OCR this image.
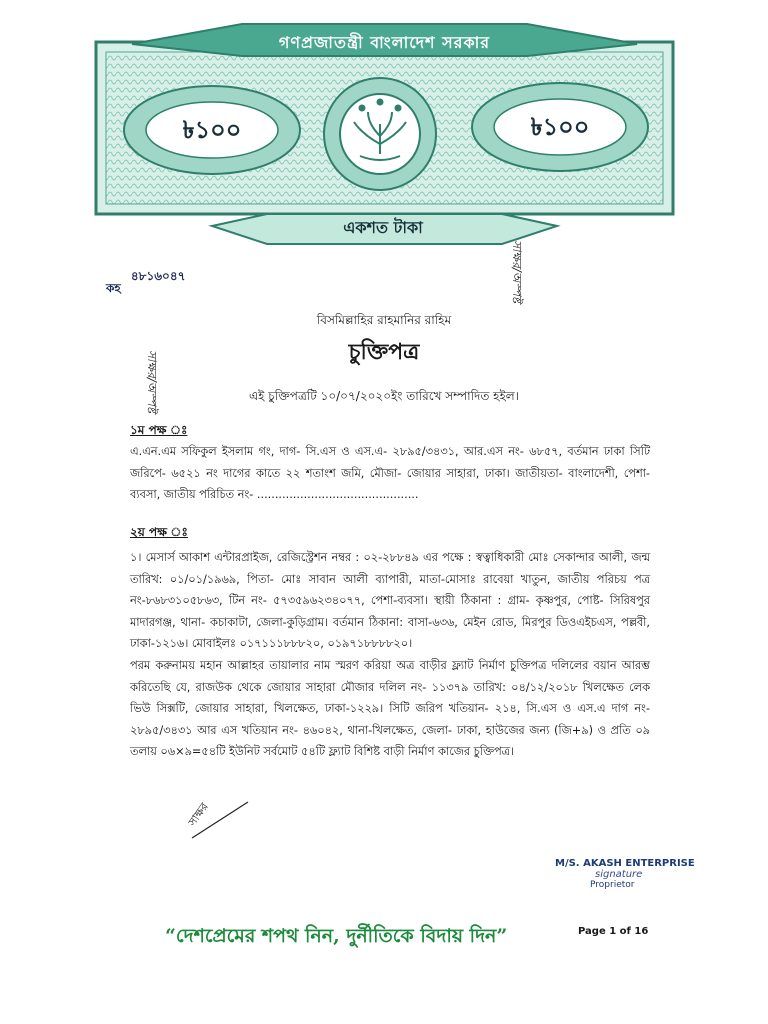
গণপ্রজাতন্ত্রী বাংলাদেশ সরকার
৳১০০	৳১০০
একশত টাকা
কহ ৪৮১৬০৪৭
সাক্ষর/অস্পষ্ট
সাক্ষর/অস্পষ্ট
বিসমিল্লাহির রাহমানির রাহিম
চুক্তিপত্র
এই চুক্তিপত্রটি ১০/০৭/২০২০ইং তারিখে সম্পাদিত হইল।
১ম পক্ষ ঃ
এ.এন.এম সফিকুল ইসলাম গং, দাগ- সি.এস ও এস.এ- ২৮৯৫/৩৪৩১, আর.এস নং- ৬৮৫৭, বর্তমান ঢাকা সিটি জরিপে- ৬৫২১ নং দাগের কাতে ২২ শতাংশ জমি, মৌজা- জোয়ার সাহারা, ঢাকা। জাতীয়তা- বাংলাদেশী, পেশা- ব্যবসা, জাতীয় পরিচিত নং- .............................................
২য় পক্ষ ঃ
১। মেসার্স আকাশ এন্টারপ্রাইজ, রেজিস্ট্রেশন নম্বর : ০২-২৮৮৪৯ এর পক্ষে : স্বত্বাধিকারী মোঃ সেকান্দার আলী, জন্ম তারিখ: ০১/০১/১৯৬৯, পিতা- মোঃ সাবান আলী ব্যাপারী, মাতা-মোসাঃ রাবেয়া খাতুন, জাতীয় পরিচয় পত্র নং-৮৬৮৩১০৫৮৬৩, টিন নং- ৫৭৩৫৯৬২৩৪০৭৭, পেশা-ব্যবসা। স্থায়ী ঠিকানা : গ্রাম- কৃষ্ণপুর, পোষ্ট- সিরিষপুর মাদারগঞ্জ, থানা- কচাকাটা, জেলা-কুড়িগ্রাম। বর্তমান ঠিকানা: বাসা-৬৩৬, মেইন রোড, মিরপুর ডিওএইচএস, পল্লবী, ঢাকা-১২১৬। মোবাইলঃ ০১৭১১১৮৮৮২০, ০১৯৭১৮৮৮৮২০।
পরম করুনাময় মহান আল্লাহর তায়ালার নাম স্মরণ করিয়া অত্র বাড়ীর ফ্ল্যাট নির্মাণ চুক্তিপত্র দলিলের বয়ান আরম্ভ করিতেছি যে, রাজউক থেকে জোয়ার সাহারা মৌজার দলিল নং- ১১৩৭৯ তারিখ: ০৪/১২/২০১৮ খিলক্ষেত লেক ভিউ সিক্সটি, জোয়ার সাহারা, খিলক্ষেত, ঢাকা-১২২৯। সিটি জরিপ খতিয়ান- ২১৪, সি.এস ও এস.এ দাগ নং- ২৮৯৫/৩৪৩১ আর এস খতিয়ান নং- ৪৬০৪২, থানা-খিলক্ষেত, জেলা- ঢাকা, হাউজের জন্য (জি+৯) ও প্রতি ০৯ তলায় ০৬×৯=৫৪টি ইউনিট সর্বমোট ৫৪টি ফ্ল্যাট বিশিষ্ট বাড়ী নির্মাণ কাজের চুক্তিপত্র।
সাক্ষর
M/S. AKASH ENTERPRISE
signature
Proprietor
“দেশপ্রেমের শপথ নিন, দুর্নীতিকে বিদায় দিন”	Page 1 of 16
